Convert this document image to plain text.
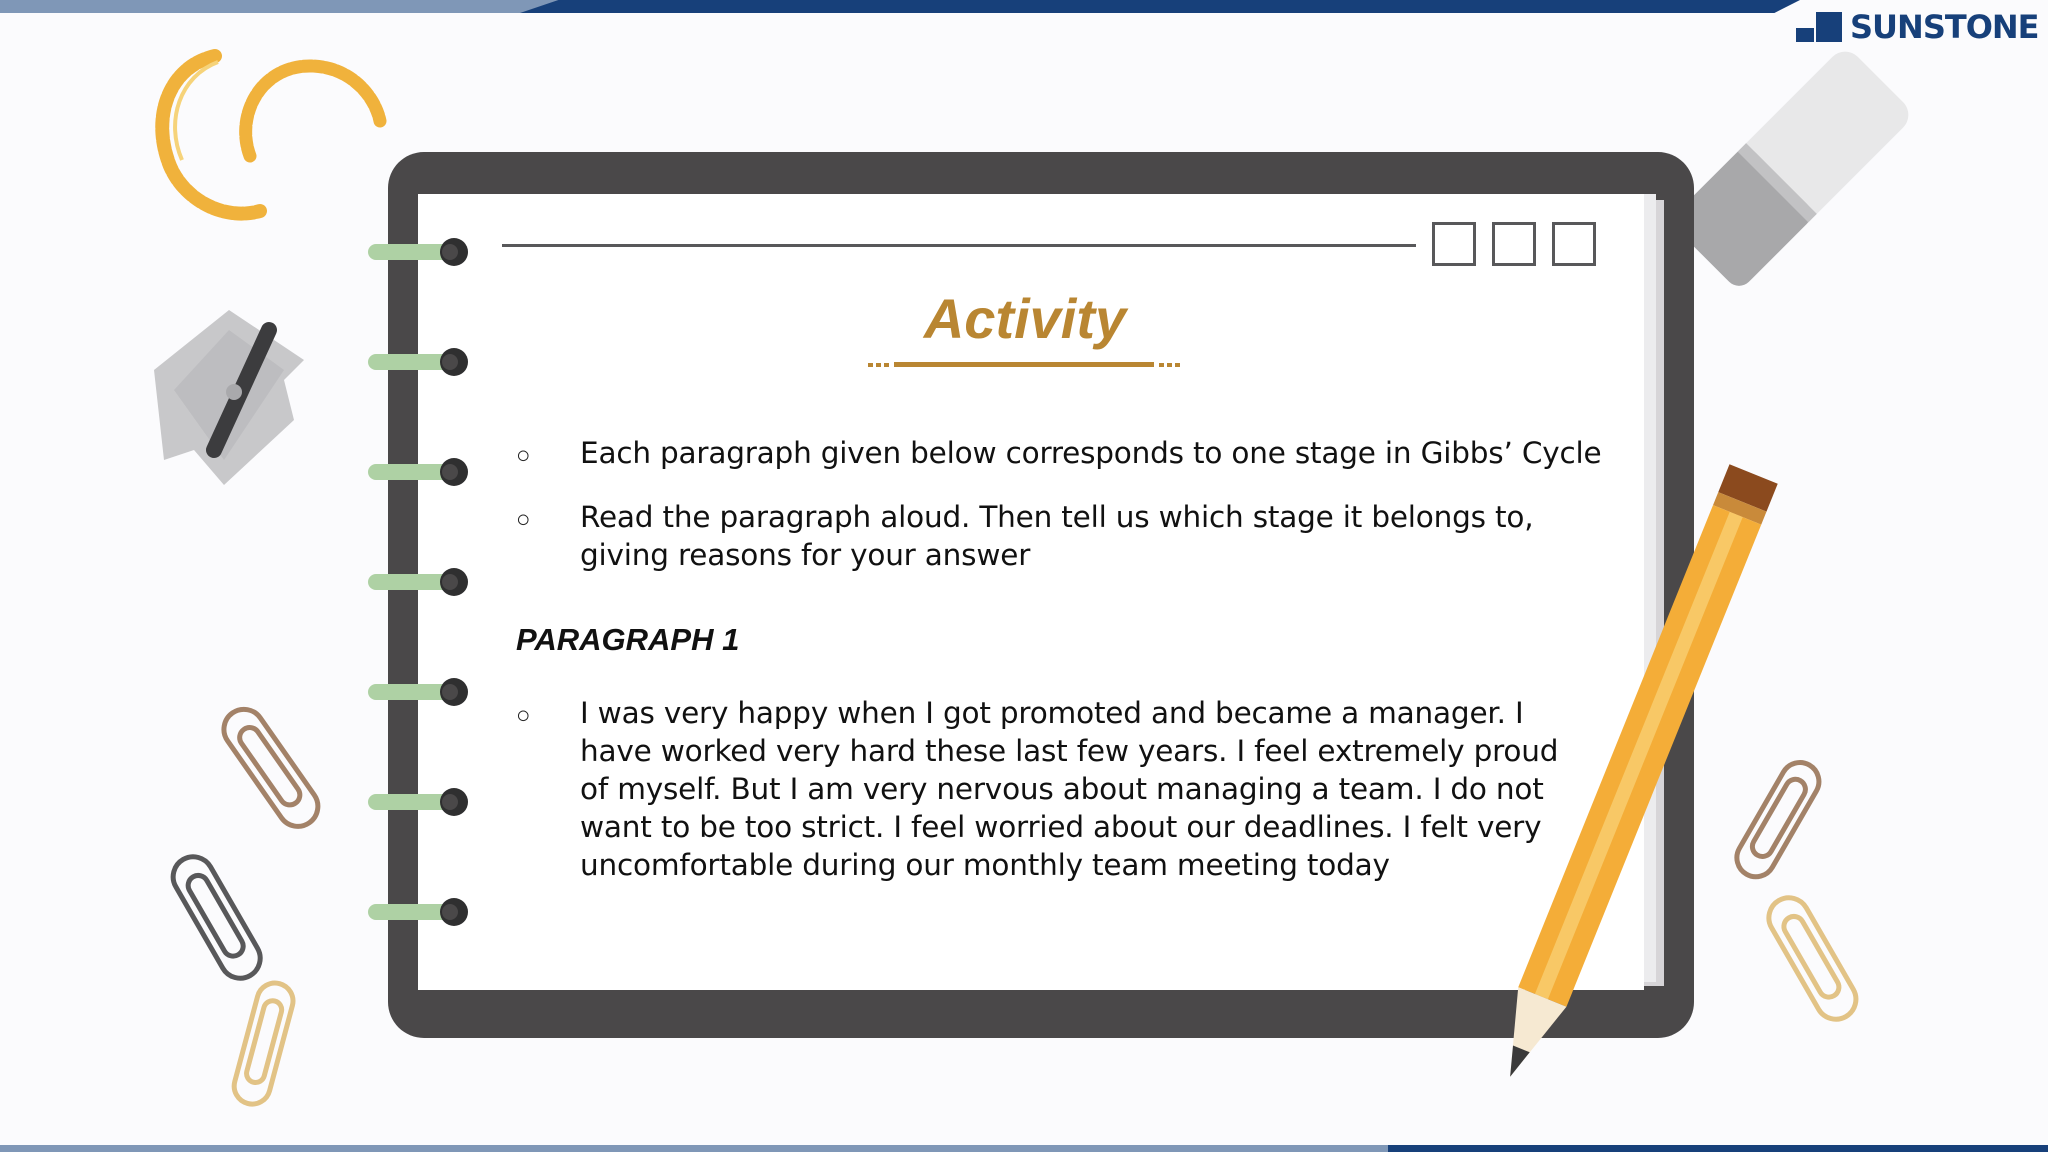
SUNSTONE
Activity
○ Each paragraph given below corresponds to one stage in Gibbs’ Cycle
○ Read the paragraph aloud. Then tell us which stage it belongs to, giving reasons for your answer
PARAGRAPH 1
○ I was very happy when I got promoted and became a manager. I
have worked very hard these last few years. I feel extremely proud
of myself. But I am very nervous about managing a team. I do not
want to be too strict. I feel worried about our deadlines. I felt very
uncomfortable during our monthly team meeting today
